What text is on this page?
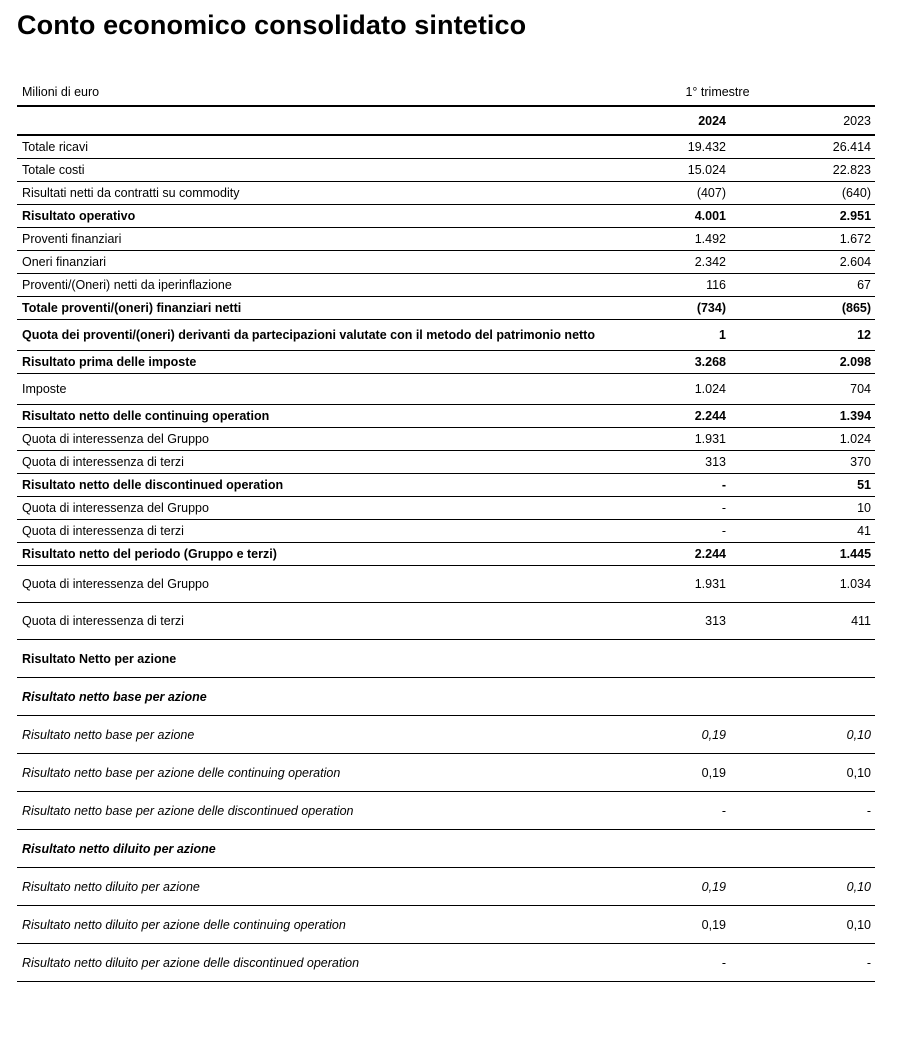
Conto economico consolidato sintetico
Milioni di euro	1° trimestre	
	2024	2023
Totale ricavi	19.432	26.414
Totale costi	15.024	22.823
Risultati netti da contratti su commodity	(407)	(640)
Risultato operativo	4.001	2.951
Proventi finanziari	1.492	1.672
Oneri finanziari	2.342	2.604
Proventi/(Oneri) netti da iperinflazione	116	67
Totale proventi/(oneri) finanziari netti	(734)	(865)
Quota dei proventi/(oneri) derivanti da partecipazioni valutate con il metodo del patrimonio netto	1	12
Risultato prima delle imposte	3.268	2.098
Imposte	1.024	704
Risultato netto delle continuing operation	2.244	1.394
Quota di interessenza del Gruppo	1.931	1.024
Quota di interessenza di terzi	313	370
Risultato netto delle discontinued operation	-	51
Quota di interessenza del Gruppo	-	10
Quota di interessenza di terzi	-	41
Risultato netto del periodo (Gruppo e terzi)	2.244	1.445
Quota di interessenza del Gruppo	1.931	1.034
Quota di interessenza di terzi	313	411
Risultato Netto per azione		
Risultato netto base per azione		
Risultato netto base per azione	0,19	0,10
Risultato netto base per azione delle continuing operation	0,19	0,10
Risultato netto base per azione delle discontinued operation	-	-
Risultato netto diluito per azione		
Risultato netto diluito per azione	0,19	0,10
Risultato netto diluito per azione delle continuing operation	0,19	0,10
Risultato netto diluito per azione delle discontinued operation	-	-
